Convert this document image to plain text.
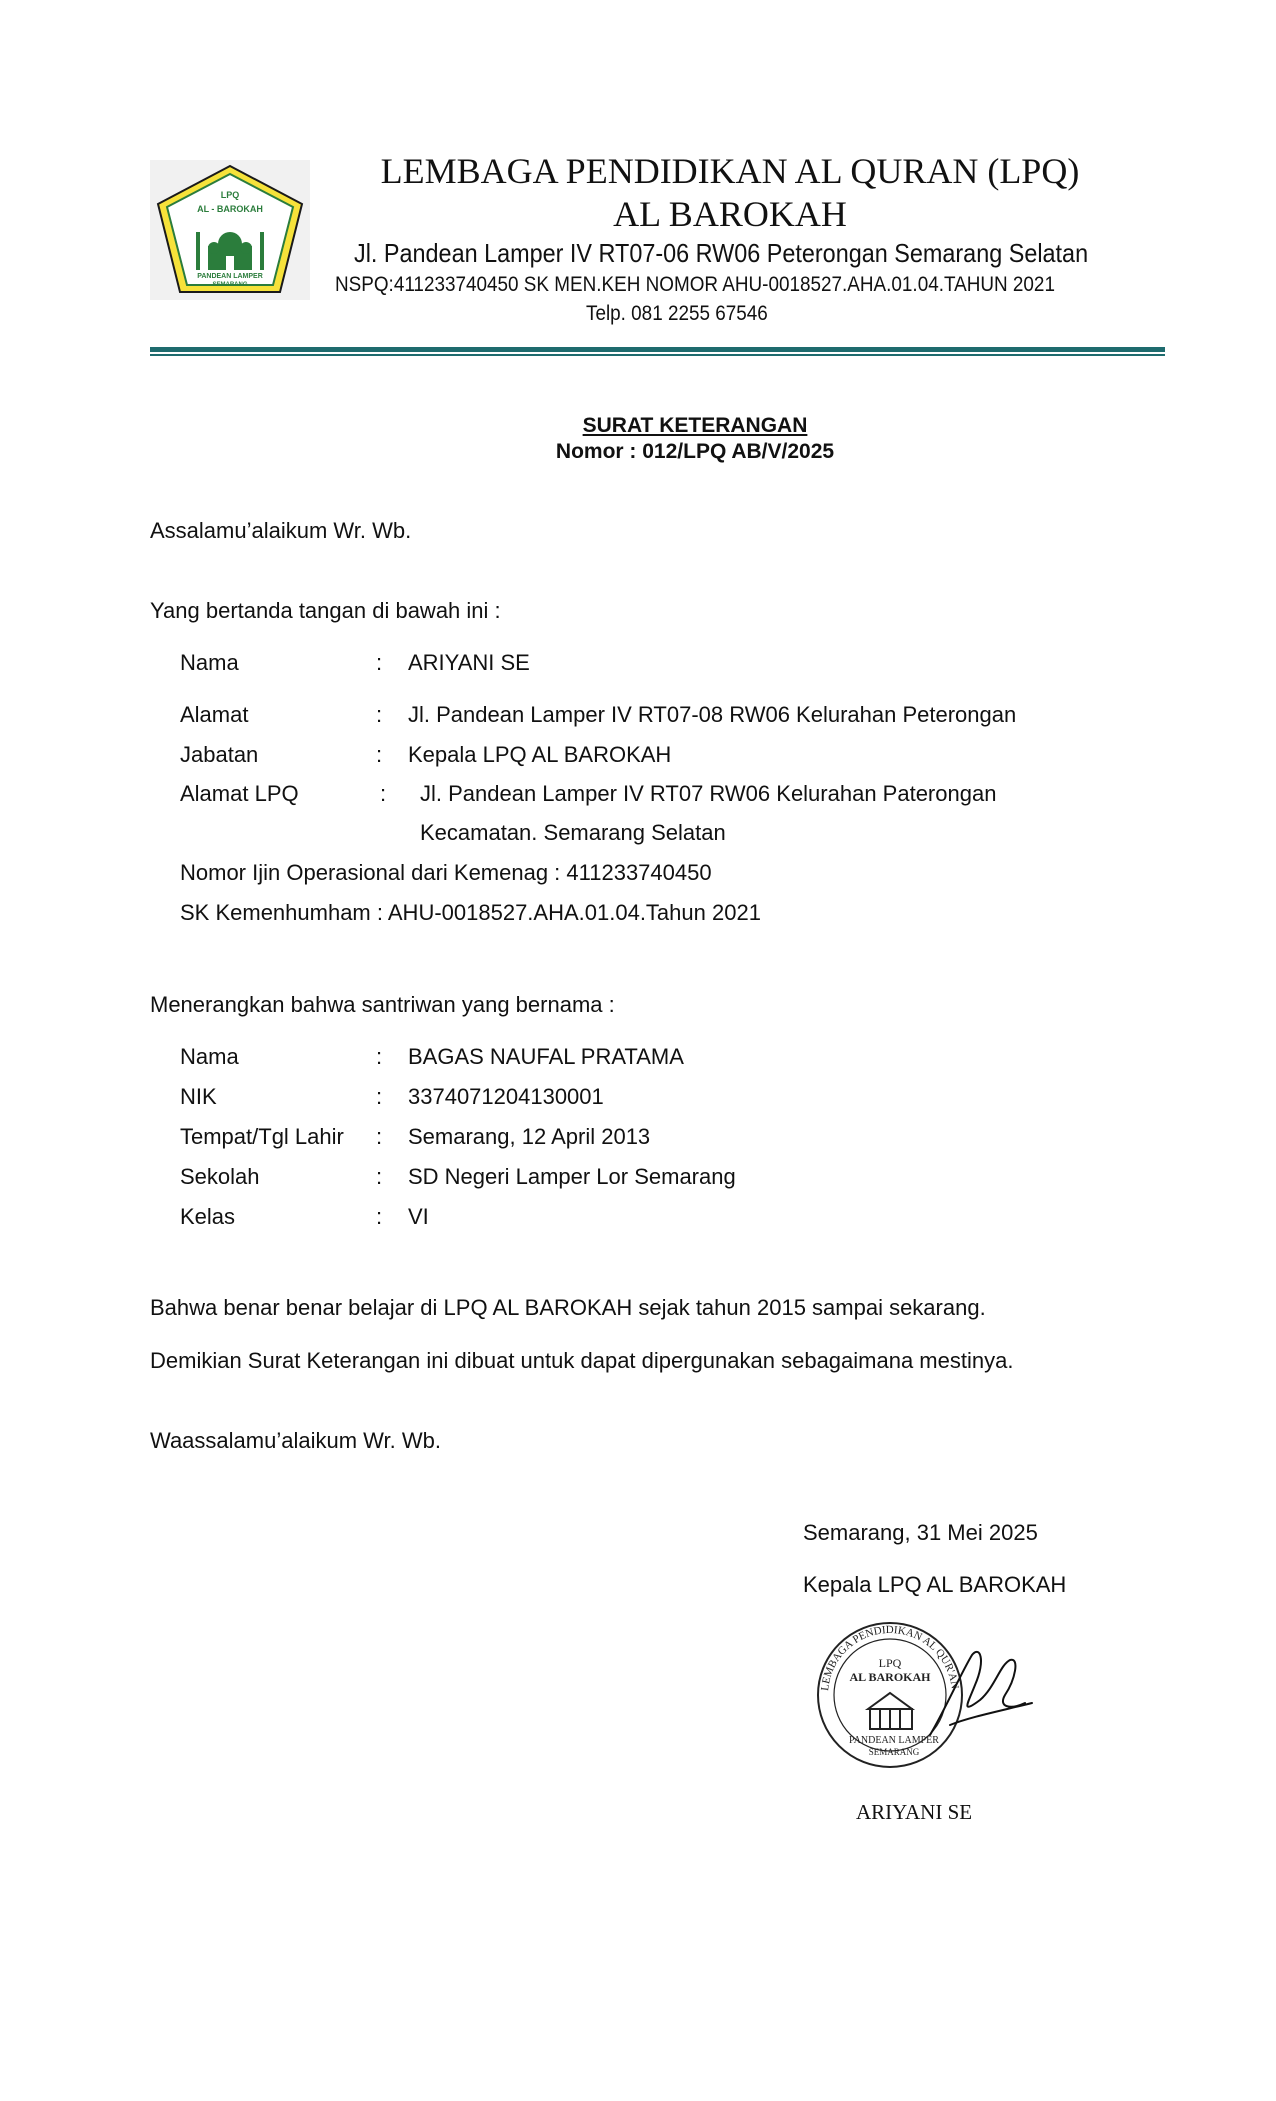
LPQ
AL - BAROKAH
PANDEAN LAMPER
SEMARANG
LEMBAGA PENDIDIKAN AL QURAN (LPQ)
AL BAROKAH
Jl. Pandean Lamper IV RT07-06 RW06 Peterongan Semarang Selatan
NSPQ:411233740450 SK MEN.KEH NOMOR AHU-0018527.AHA.01.04.TAHUN 2021
Telp. 081 2255 67546
SURAT KETERANGAN
Nomor : 012/LPQ AB/V/2025
Assalamu’alaikum Wr. Wb.
Yang bertanda tangan di bawah ini :
Nama	: ARIYANI SE
Alamat	: Jl. Pandean Lamper IV RT07-08 RW06 Kelurahan Peterongan
Jabatan	: Kepala LPQ AL BAROKAH
Alamat LPQ	: Jl. Pandean Lamper IV RT07 RW06 Kelurahan Paterongan
Kecamatan. Semarang Selatan
Nomor Ijin Operasional dari Kemenag : 411233740450
SK Kemenhumham : AHU-0018527.AHA.01.04.Tahun 2021
Menerangkan bahwa santriwan yang bernama :
Nama	: BAGAS NAUFAL PRATAMA
NIK	: 3374071204130001
Tempat/Tgl Lahir : Semarang, 12 April 2013
Sekolah	: SD Negeri Lamper Lor Semarang
Kelas	: VI
Bahwa benar benar belajar di LPQ AL BAROKAH sejak tahun 2015 sampai sekarang.
Demikian Surat Keterangan ini dibuat untuk dapat dipergunakan sebagaimana mestinya.
Waassalamu’alaikum Wr. Wb.
Semarang, 31 Mei 2025
Kepala LPQ AL BAROKAH
LEMBAGA PENDIDIKAN AL QUR'AN
LPQ
AL BAROKAH
PANDEAN LAMPER
SEMARANG
ARIYANI SE
